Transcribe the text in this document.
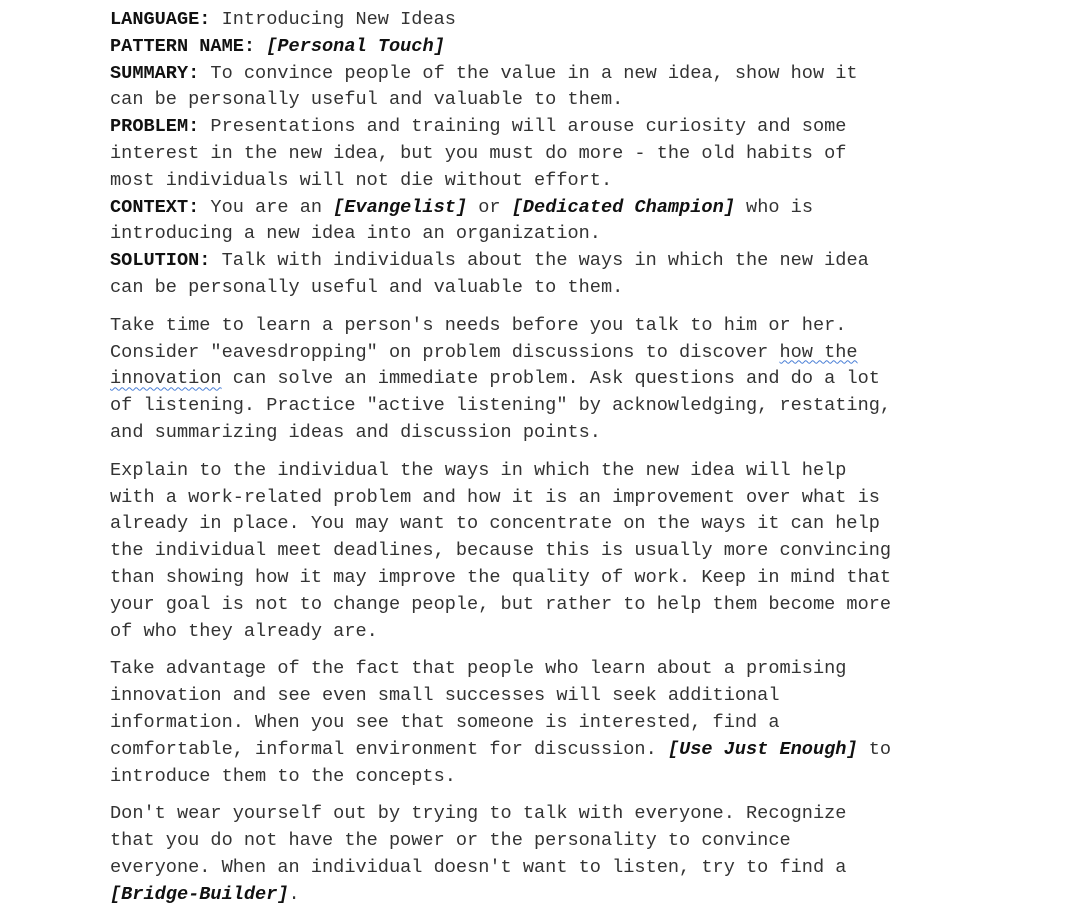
LANGUAGE: Introducing New Ideas
PATTERN NAME: [Personal Touch]
SUMMARY: To convince people of the value in a new idea, show how it
can be personally useful and valuable to them.
PROBLEM: Presentations and training will arouse curiosity and some
interest in the new idea, but you must do more - the old habits of
most individuals will not die without effort.
CONTEXT: You are an [Evangelist] or [Dedicated Champion] who is
introducing a new idea into an organization.
SOLUTION: Talk with individuals about the ways in which the new idea
can be personally useful and valuable to them.
Take time to learn a person's needs before you talk to him or her.
Consider "eavesdropping" on problem discussions to discover how the
innovation can solve an immediate problem. Ask questions and do a lot
of listening. Practice "active listening" by acknowledging, restating,
and summarizing ideas and discussion points.
Explain to the individual the ways in which the new idea will help
with a work-related problem and how it is an improvement over what is
already in place. You may want to concentrate on the ways it can help
the individual meet deadlines, because this is usually more convincing
than showing how it may improve the quality of work. Keep in mind that
your goal is not to change people, but rather to help them become more
of who they already are.
Take advantage of the fact that people who learn about a promising
innovation and see even small successes will seek additional
information. When you see that someone is interested, find a
comfortable, informal environment for discussion. [Use Just Enough] to
introduce them to the concepts.
Don't wear yourself out by trying to talk with everyone. Recognize
that you do not have the power or the personality to convince
everyone. When an individual doesn't want to listen, try to find a
[Bridge-Builder].
